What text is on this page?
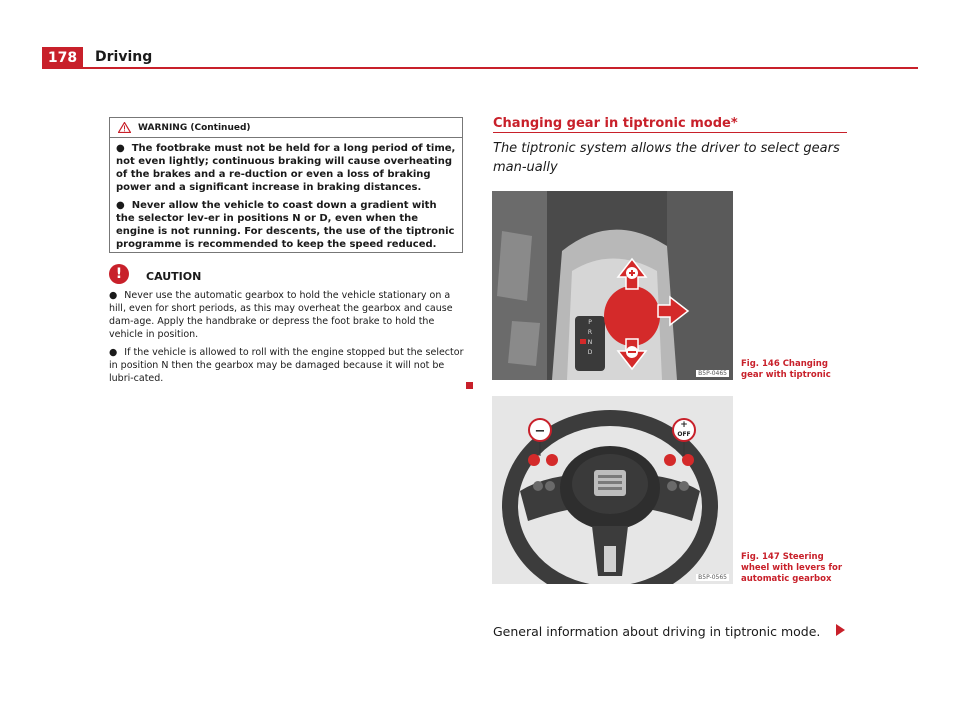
178	Driving
WARNING (Continued)

● The footbrake must not be held for a long period of time, not even lightly; continuous braking will cause overheating of the brakes and a re-duction or even a loss of braking power and a significant increase in braking distances.

● Never allow the vehicle to coast down a gradient with the selector lev-er in positions N or D, even when the engine is not running. For descents, the use of the tiptronic programme is recommended to keep the speed reduced.

!	CAUTION

● Never use the automatic gearbox to hold the vehicle stationary on a hill, even for short periods, as this may overheat the gearbox and cause dam-age. Apply the handbrake or depress the foot brake to hold the vehicle in position.

● If the vehicle is allowed to roll with the engine stopped but the selector in position N then the gearbox may be damaged because it will not be lubri-cated.

Changing gear in tiptronic mode*
The tiptronic system allows the driver to select gears man-ually
P
R
N
D
B5P-0465
Fig. 146 Changing gear with tiptronic
−	+
OFF
B5P-0565
Fig. 147 Steering wheel with levers for automatic gearbox
General information about driving in tiptronic mode.
